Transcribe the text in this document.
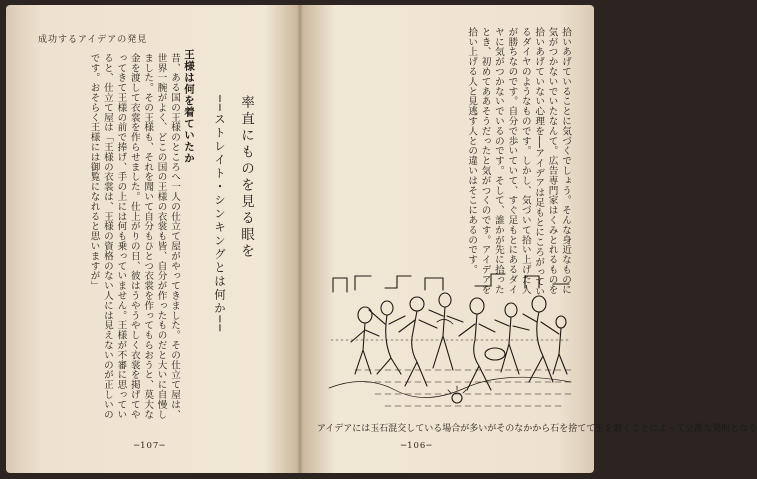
成功するアイデアの発見
昔、ある国の王様のところへ一人の仕立て屋がやってきました。その仕立て屋は、世界一腕がよく、どこの国の王様の衣裳も皆、自分が作ったものだと大いに自慢しました。その王様も、それを聞いて自分もひとつ衣裳を作ってもらおうと、莫大な金を渡して衣裳を作らせました。仕上がりの日、彼はうやうやしく衣裳を掲げてやってきて王様の前で捧げ、手の上には何も乗っていません。王様が不審に思っていると、仕立て屋は「王様の衣裳は、王様の資格のない人には見えないのが正しいのです。おそらく王様には御覧になれると思いますが」	王様は何を着ていたか	率直にものを見る眼を
──ストレイト・シンキングとは何か──
─107─
拾いあげていることに気づくでしょう。そんな身近なものに気がつかないでいたなんて。広告専門家はくみとれるものを拾いあげていない心理を──アイデアは足もとにころがっているダイヤのようなものです。しかし、気づいて拾い上げた人が勝ちなのです。自分で歩いていて、すぐ足もとにあるダイヤに気がつかないでいるのです。そして、誰かが先に拾ったとき、初めてああそうだったと気がつくのです。アイデアを拾い上げる人と見逃す人との違いはそこにあるのです。
アイデアには玉石混交している場合が多いがそのなかから石を捨てて玉を磨くことによって立派な発明となる
─106─
